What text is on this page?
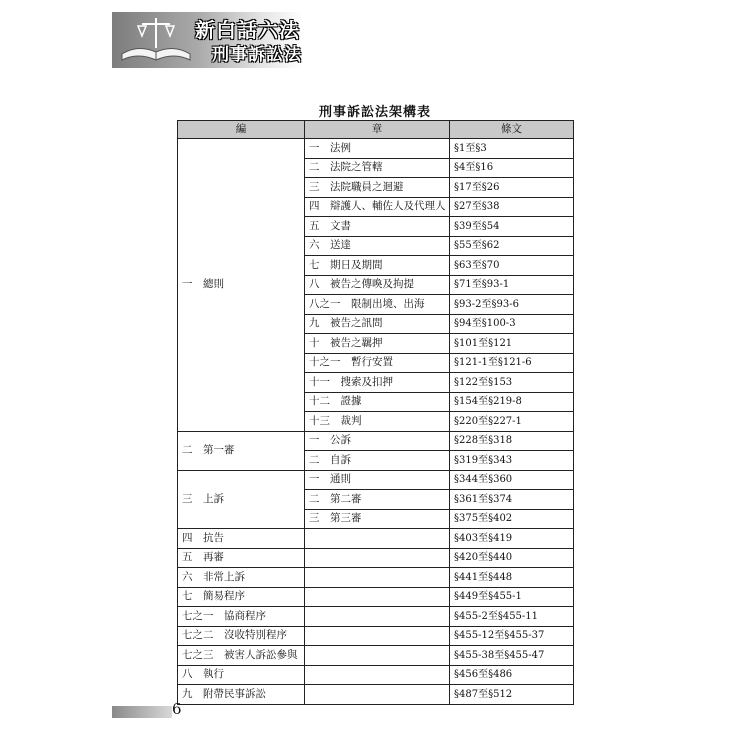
新白話六法
刑事訴訟法
刑事訴訟法架構表
編	章	條文
一　總則	一　法例	§1至§3
	二　法院之管轄	§4至§16
	三　法院職員之迴避	§17至§26
	四　辯護人、輔佐人及代理人	§27至§38
	五　文書	§39至§54
	六　送達	§55至§62
	七　期日及期間	§63至§70
	八　被告之傳喚及拘提	§71至§93-1
	八之一　限制出境、出海	§93-2至§93-6
	九　被告之訊問	§94至§100-3
	十　被告之羈押	§101至§121
	十之一　暫行安置	§121-1至§121-6
	十一　搜索及扣押	§122至§153
	十二　證據	§154至§219-8
	十三　裁判	§220至§227-1
二　第一審	一　公訴	§228至§318
	二　自訴	§319至§343
三　上訴	一　通則	§344至§360
	二　第二審	§361至§374
	三　第三審	§375至§402
四　抗告		§403至§419
五　再審		§420至§440
六　非常上訴		§441至§448
七　簡易程序		§449至§455-1
七之一　協商程序		§455-2至§455-11
七之二　沒收特別程序		§455-12至§455-37
七之三　被害人訴訟參與		§455-38至§455-47
八　執行		§456至§486
九　附帶民事訴訟		§487至§512
6
